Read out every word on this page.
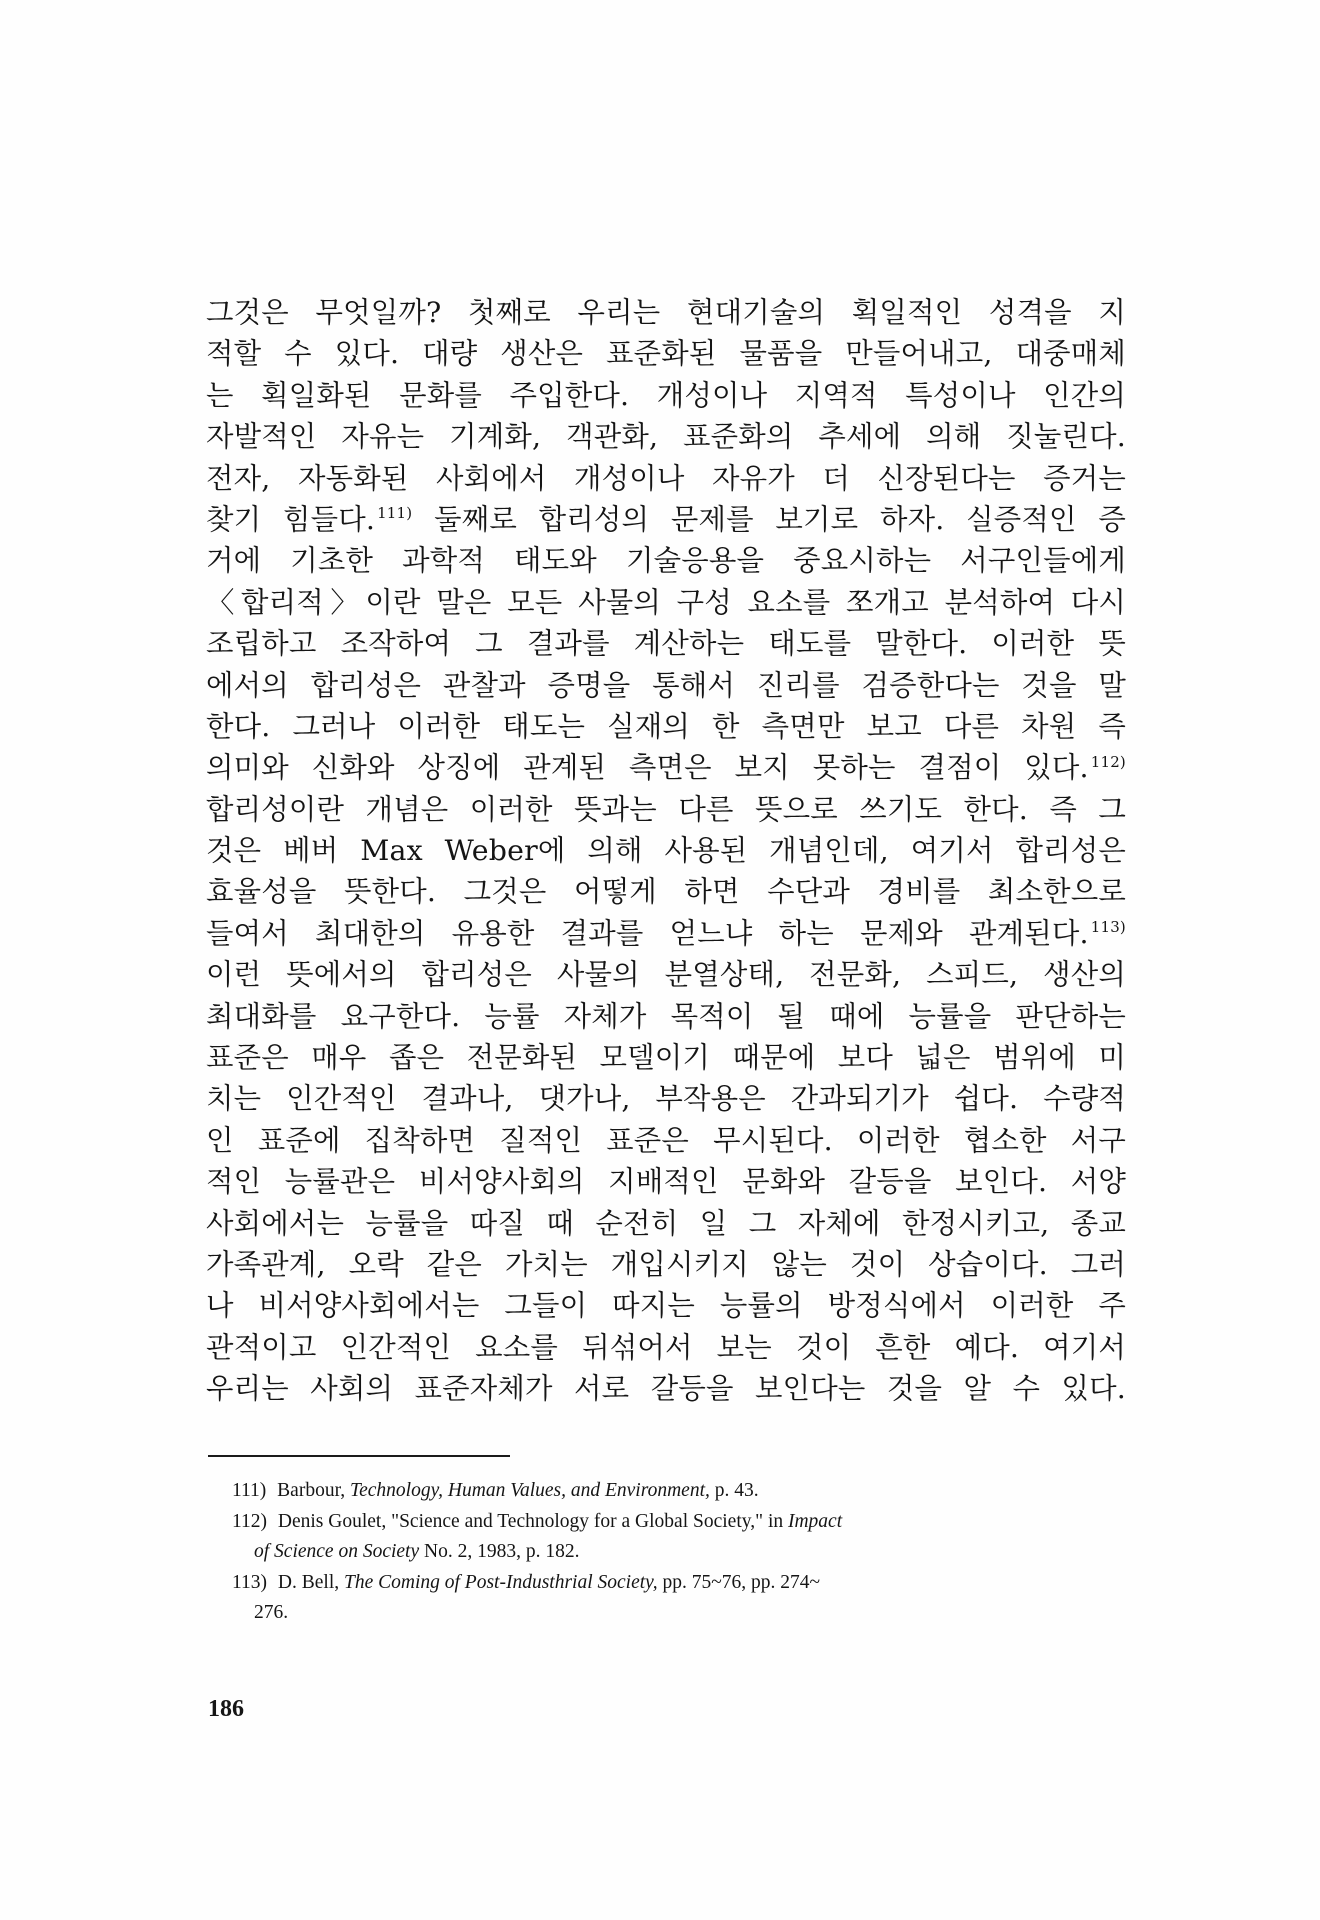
그것은 무엇일까? 첫째로 우리는 현대기술의 획일적인 성격을 지
적할 수 있다. 대량 생산은 표준화된 물품을 만들어내고, 대중매체
는 획일화된 문화를 주입한다. 개성이나 지역적 특성이나 인간의
자발적인 자유는 기계화, 객관화, 표준화의 추세에 의해 짓눌린다.
전자, 자동화된 사회에서 개성이나 자유가 더 신장된다는 증거는
찾기 힘들다. $^{111)}$ 둘째로 합리성의 문제를 보기로 하자. 실증적인 증
거에 기초한 과학적 태도와 기술응용을 중요시하는 서구인들에게
〈합리적〉이란 말은 모든 사물의 구성 요소를 쪼개고 분석하여 다시
조립하고 조작하여 그 결과를 계산하는 태도를 말한다. 이러한 뜻
에서의 합리성은 관찰과 증명을 통해서 진리를 검증한다는 것을 말
한다. 그러나 이러한 태도는 실재의 한 측면만 보고 다른 차원 즉
의미와 신화와 상징에 관계된 측면은 보지 못하는 결점이 있다. $^{112)}$
합리성이란 개념은 이러한 뜻과는 다른 뜻으로 쓰기도 한다. 즉 그
것은 베버 Max Weber에 의해 사용된 개념인데, 여기서 합리성은
효율성을 뜻한다. 그것은 어떻게 하면 수단과 경비를 최소한으로
들여서 최대한의 유용한 결과를 얻느냐 하는 문제와 관계된다. $^{113)}$
이런 뜻에서의 합리성은 사물의 분열상태, 전문화, 스피드, 생산의
최대화를 요구한다. 능률 자체가 목적이 될 때에 능률을 판단하는
표준은 매우 좁은 전문화된 모델이기 때문에 보다 넓은 범위에 미
치는 인간적인 결과나, 댓가나, 부작용은 간과되기가 쉽다. 수량적
인 표준에 집착하면 질적인 표준은 무시된다. 이러한 협소한 서구
적인 능률관은 비서양사회의 지배적인 문화와 갈등을 보인다. 서양
사회에서는 능률을 따질 때 순전히 일 그 자체에 한정시키고, 종교
가족관계, 오락 같은 가치는 개입시키지 않는 것이 상습이다. 그러
나 비서양사회에서는 그들이 따지는 능률의 방정식에서 이러한 주
관적이고 인간적인 요소를 뒤섞어서 보는 것이 흔한 예다. 여기서
우리는 사회의 표준자체가 서로 갈등을 보인다는 것을 알 수 있다.

111) Barbour, Technology, Human Values, and Environment, p. 43.

112) Denis Goulet, "Science and Technology for a Global Society," in Impact

of Science on Society No. 2, 1983, p. 182.

113) D. Bell, The Coming of Post-Industhrial Society, pp. 75~76, pp. 274~

276.

186
